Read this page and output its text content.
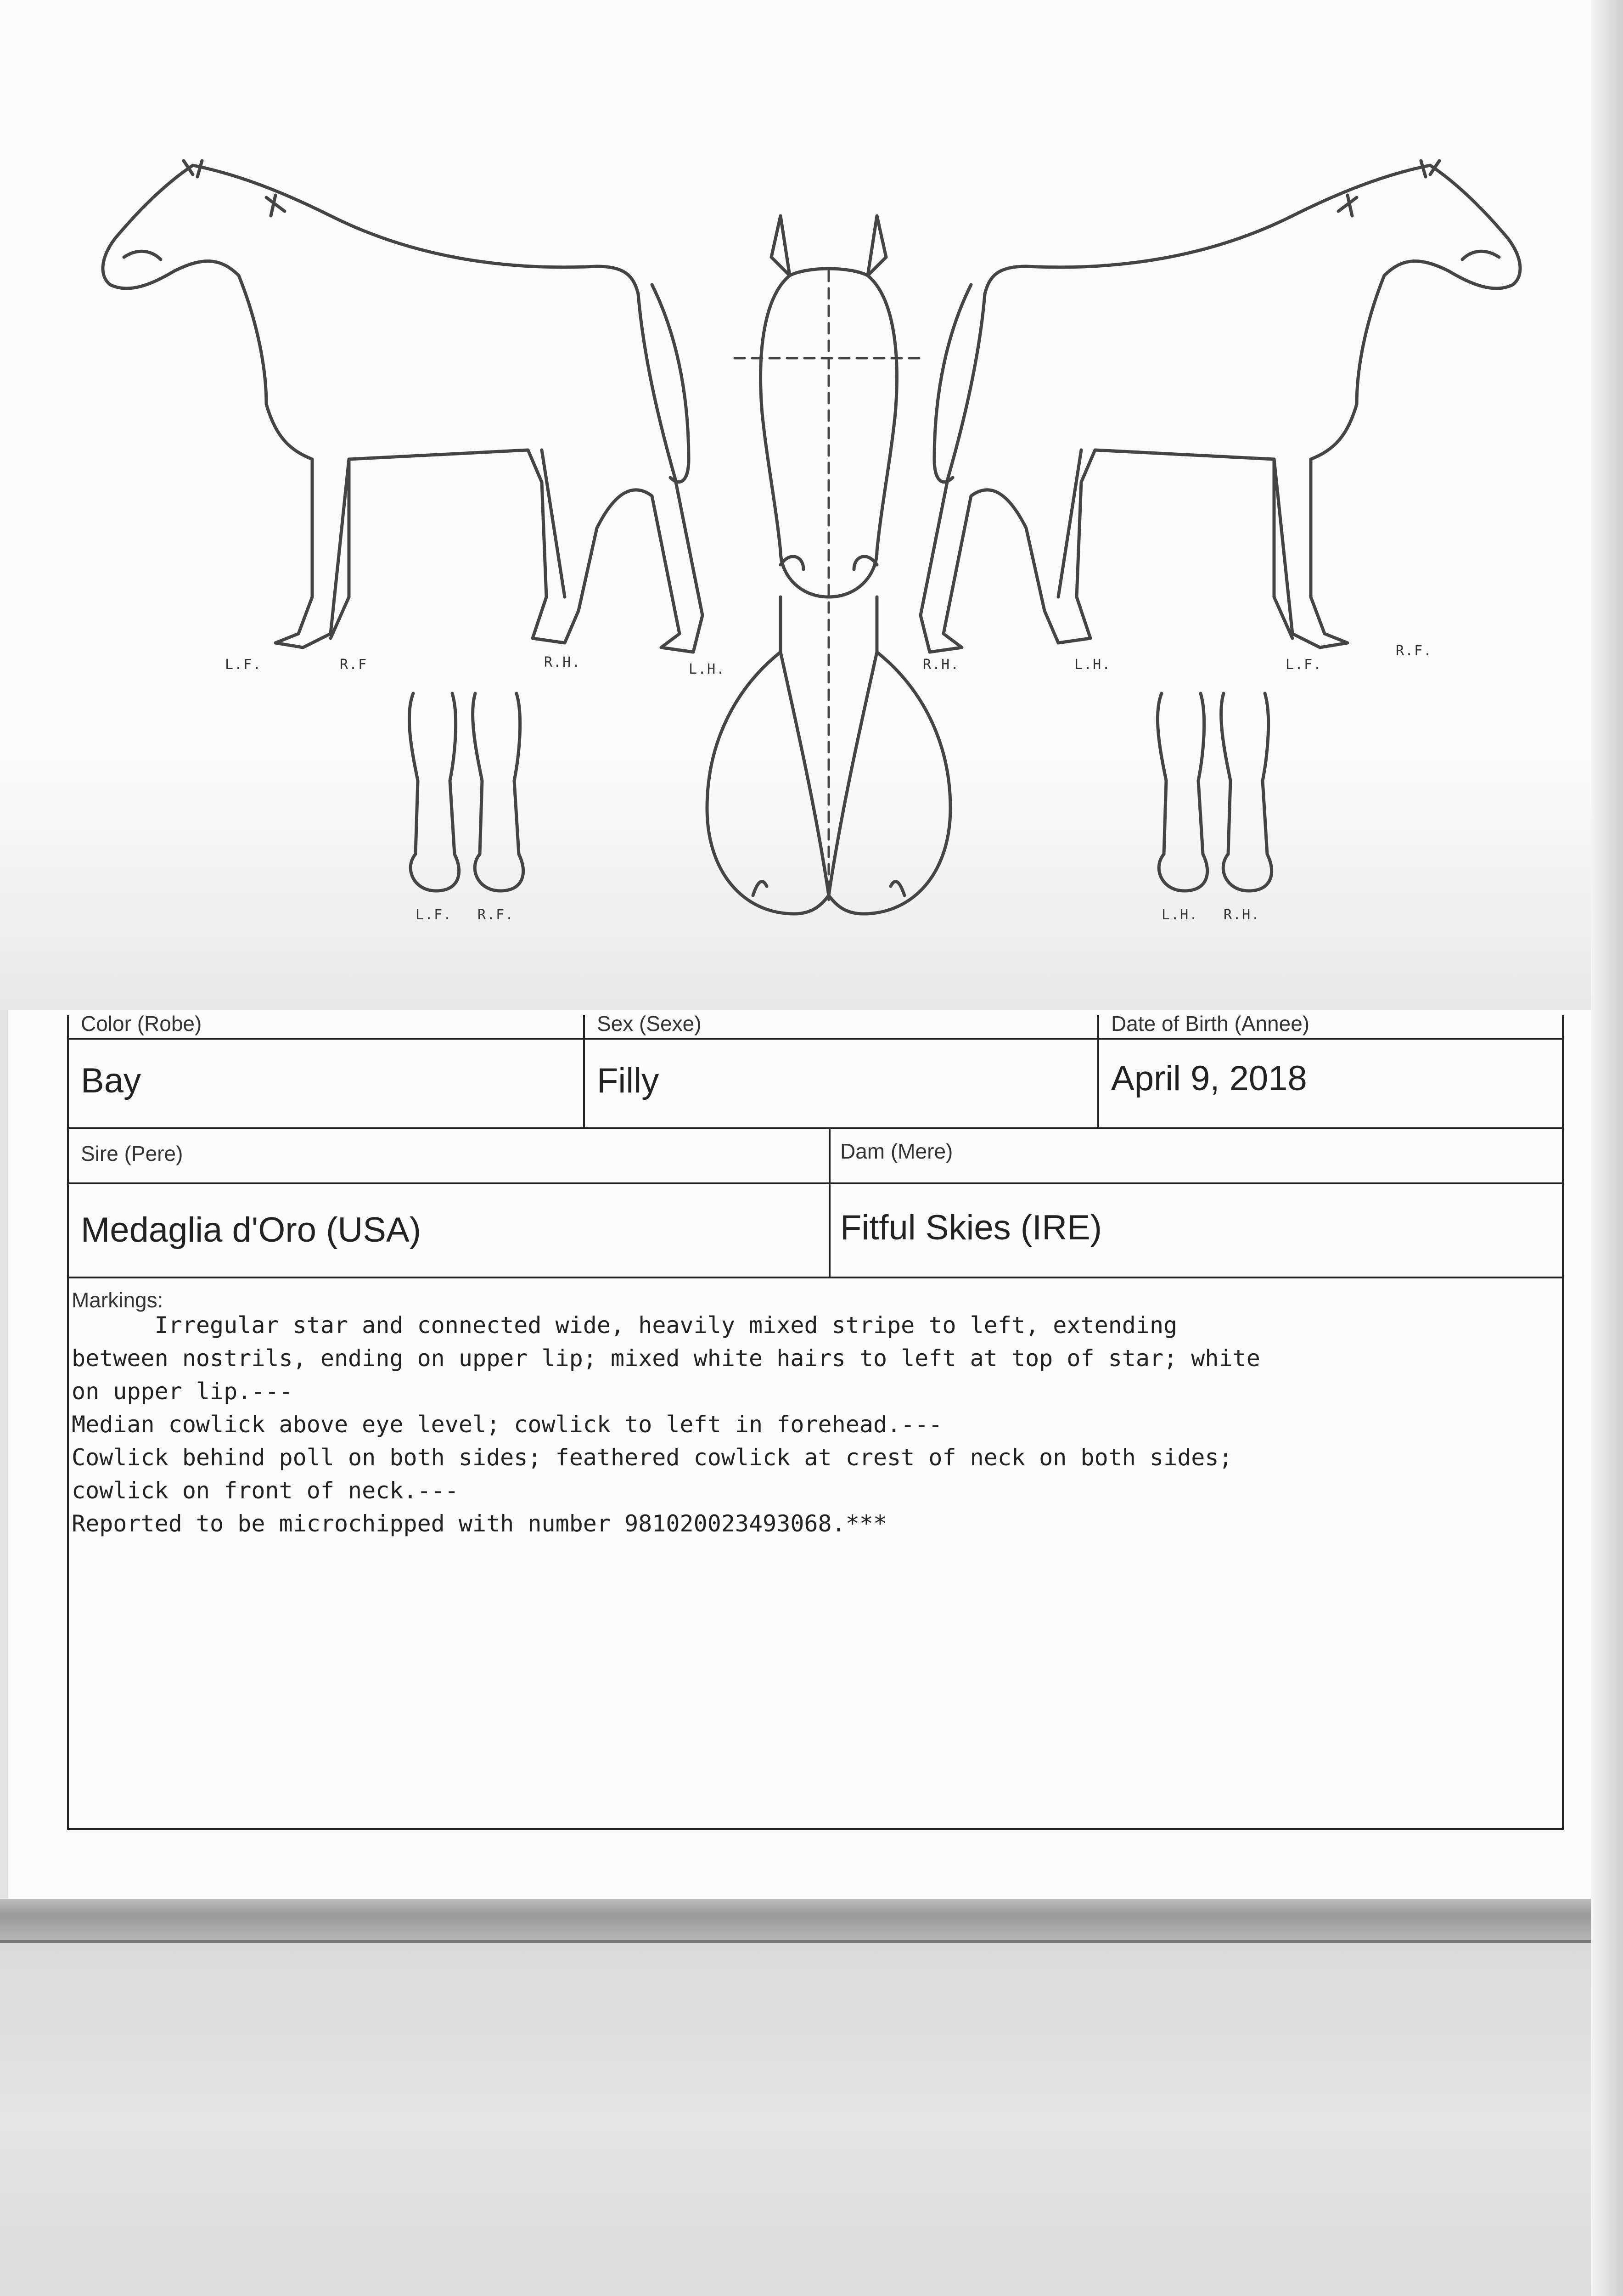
L.F.	R.F	R.H.	L.H.	R.H.	L.H.	L.F.
R.F.
L.F. R.F.	L.H. R.H.
Color (Robe)	Sex (Sexe)	Date of Birth (Annee)
Bay	Filly	April 9, 2018
Sire (Pere)	Dam (Mere)
Medaglia d'Oro (USA)	Fitful Skies (IRE)
Markings:
Irregular star and connected wide, heavily mixed stripe to left, extending
between nostrils, ending on upper lip; mixed white hairs to left at top of star; white
on upper lip.---
Median cowlick above eye level; cowlick to left in forehead.---
Cowlick behind poll on both sides; feathered cowlick at crest of neck on both sides;
cowlick on front of neck.---
Reported to be microchipped with number 981020023493068.***
